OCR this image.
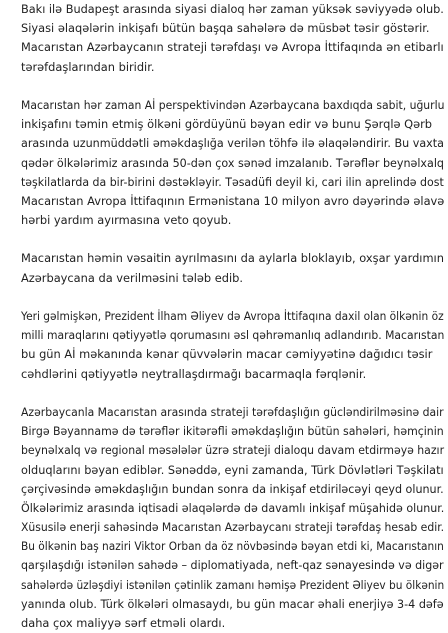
Bakı ilə Budapeşt arasında siyasi dialoq hər zaman yüksək səviyyədə olub.
Siyasi əlaqələrin inkişafı bütün başqa sahələrə də müsbət təsir göstərir.
Macarıstan Azərbaycanın strateji tərəfdaşı və Avropa İttifaqında ən etibarlı
tərəfdaşlarından biridir.

Macarıstan hər zaman Aİ perspektivindən Azərbaycana baxdıqda sabit, uğurlu
inkişafını təmin etmiş ölkəni gördüyünü bəyan edir və bunu Şərqlə Qərb
arasında uzunmüddətli əməkdaşlığa verilən töhfə ilə əlaqələndirir. Bu vaxta
qədər ölkələrimiz arasında 50-dən çox sənəd imzalanıb. Tərəflər beynəlxalq
təşkilatlarda da bir-birini dəstəkləyir. Təsadüfi deyil ki, cari ilin aprelində dost
Macarıstan Avropa İttifaqının Ermənistana 10 milyon avro dəyərində əlavə
hərbi yardım ayırmasına veto qoyub.

Macarıstan həmin vəsaitin ayrılmasını da aylarla bloklayıb, oxşar yardımın
Azərbaycana da verilməsini tələb edib.

Yeri gəlmişkən, Prezident İlham Əliyev də Avropa İttifaqına daxil olan ölkənin öz
milli maraqlarını qətiyyətlə qorumasını əsl qəhrəmanlıq adlandırıb. Macarıstan
bu gün Aİ məkanında kənar qüvvələrin macar cəmiyyətinə dağıdıcı təsir
cəhdlərini qətiyyətlə neytrallaşdırmağı bacarmaqla fərqlənir.

Azərbaycanla Macarıstan arasında strateji tərəfdaşlığın gücləndirilməsinə dair
Birgə Bəyannamə də tərəflər ikitərəfli əməkdaşlığın bütün sahələri, həmçinin
beynəlxalq və regional məsələlər üzrə strateji dialoqu davam etdirməyə hazır
olduqlarını bəyan ediblər. Sənəddə, eyni zamanda, Türk Dövlətləri Təşkilatı
çərçivəsində əməkdaşlığın bundan sonra da inkişaf etdiriləcəyi qeyd olunur.
Ölkələrimiz arasında iqtisadi əlaqələrdə də davamlı inkişaf müşahidə olunur.
Xüsusilə enerji sahəsində Macarıstan Azərbaycanı strateji tərəfdaş hesab edir.
Bu ölkənin baş naziri Viktor Orban da öz növbəsində bəyan etdi ki, Macarıstanın
qarşılaşdığı istənilən sahədə – diplomatiyada, neft-qaz sənayesində və digər
sahələrdə üzləşdiyi istənilən çətinlik zamanı həmişə Prezident Əliyev bu ölkənin
yanında olub. Türk ölkələri olmasaydı, bu gün macar əhali enerjiyə 3-4 dəfə
daha çox maliyyə sərf etməli olardı.
